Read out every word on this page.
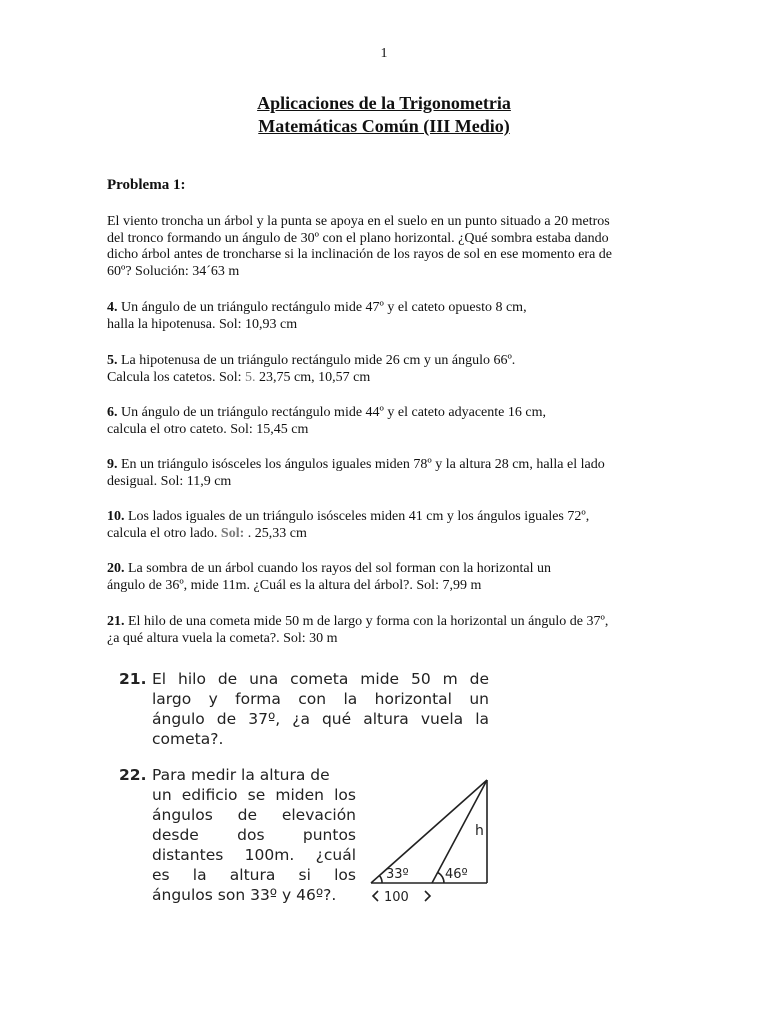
1
Aplicaciones de la Trigonometria
Matemáticas Común (III Medio)
Problema 1:

El viento troncha un árbol y la punta se apoya en el suelo en un punto situado a 20 metros

del tronco formando un ángulo de 30º con el plano horizontal. ¿Qué sombra estaba dando

dicho árbol antes de troncharse si la inclinación de los rayos de sol en ese momento era de

60º? Solución: 34´63 m

4. Un ángulo de un triángulo rectángulo mide 47º y el cateto opuesto 8 cm,

halla la hipotenusa. Sol: 10,93 cm

5. La hipotenusa de un triángulo rectángulo mide 26 cm y un ángulo 66º.

Calcula los catetos. Sol: 5. 23,75 cm, 10,57 cm

6. Un ángulo de un triángulo rectángulo mide 44º y el cateto adyacente 16 cm,

calcula el otro cateto. Sol: 15,45 cm

9. En un triángulo isósceles los ángulos iguales miden 78º y la altura 28 cm, halla el lado

desigual. Sol: 11,9 cm

10. Los lados iguales de un triángulo isósceles miden 41 cm y los ángulos iguales 72º,

calcula el otro lado. Sol: . 25,33 cm

20. La sombra de un árbol cuando los rayos del sol forman con la horizontal un

ángulo de 36º, mide 11m. ¿Cuál es la altura del árbol?. Sol: 7,99 m

21. El hilo de una cometa mide 50 m de largo y forma con la horizontal un ángulo de 37º,

¿a qué altura vuela la cometa?. Sol: 30 m

21. El hilo de una cometa mide 50 m de
largo y forma con la horizontal un
ángulo de 37º, ¿a qué altura vuela la
cometa?.
22. Para medir la altura de
un edificio se miden los
ángulos de elevación
desde dos puntos
distantes 100m. ¿cuál
es la altura si los
ángulos son 33º y 46º?.
33º	46º
h
100
